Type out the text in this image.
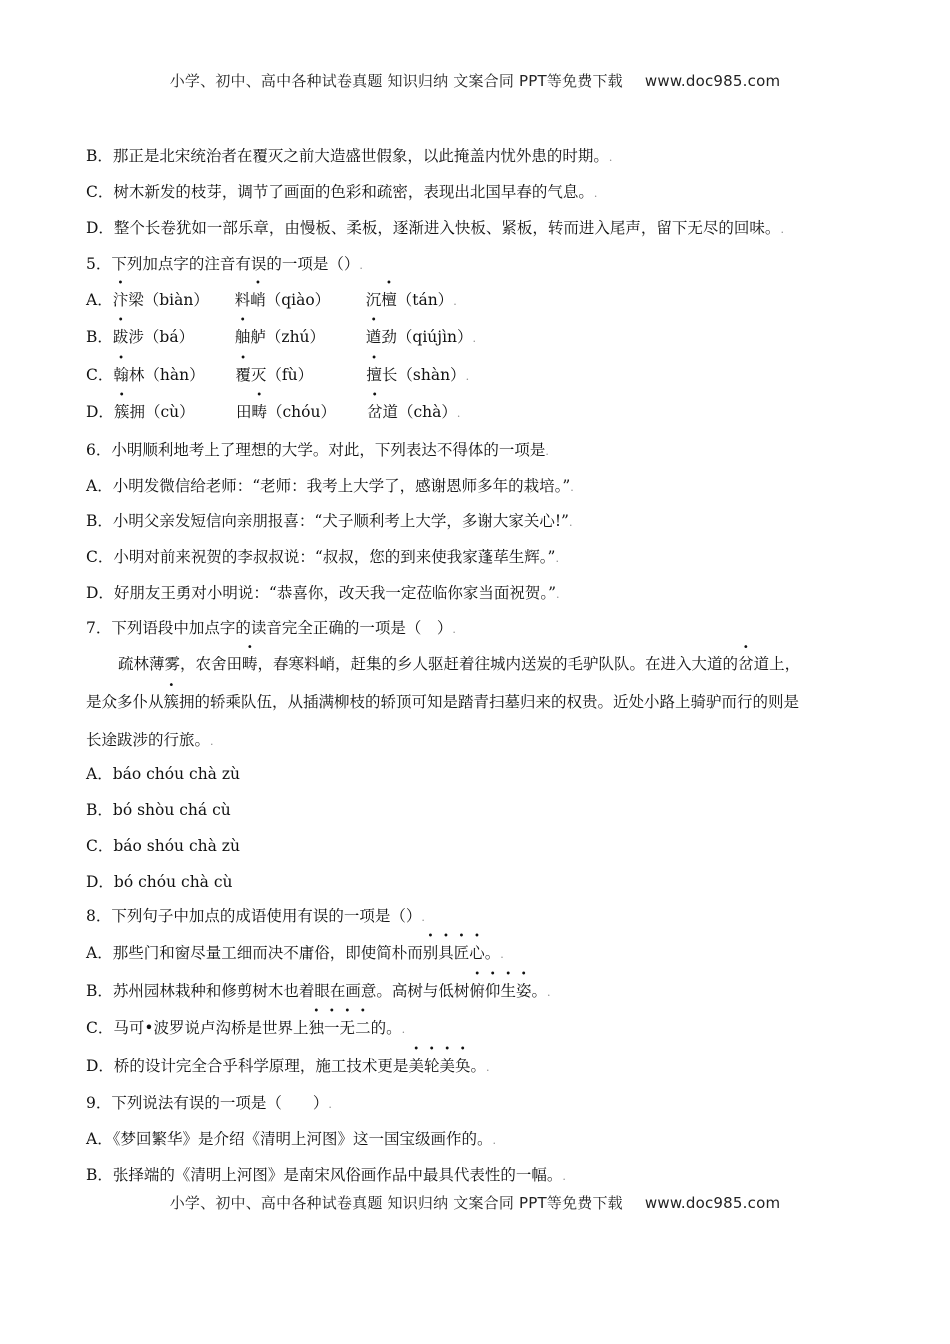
小学、初中、高中各种试卷真题 知识归纳 文案合同 PPT等免费下载 www.doc985.com
B．那正是北宋统治者在覆灭之前大造盛世假象，以此掩盖内忧外患的时期。.
C．树木新发的枝芽，调节了画面的色彩和疏密，表现出北国早春的气息。.
D．整个长卷犹如一部乐章，由慢板、柔板，逐渐进入快板、紧板，转而进入尾声，留下无尽的回味。.
5．下列加点字的注音有误的一项是（）.
A．汴梁（biàn） 料峭（qiào） 沉檀（tán）.
B．跋涉（bá）	舳舻（zhú）	遒劲（qiújìn）.
C．翰林（hàn） 覆灭（fù）	擅长（shàn）.
D．簇拥（cù）	田畴（chóu） 岔道（chà）.
6．小明顺利地考上了理想的大学。对此，下列表达不得体的一项是.
A．小明发微信给老师：“老师：我考上大学了，感谢恩师多年的栽培。”.
B．小明父亲发短信向亲朋报喜：“犬子顺利考上大学，多谢大家关心!”.
C．小明对前来祝贺的李叔叔说：“叔叔，您的到来使我家蓬荜生辉。”.
D．好朋友王勇对小明说：“恭喜你，改天我一定莅临你家当面祝贺。”.
7．下列语段中加点字的读音完全正确的一项是（　）.
疏林薄雾，农舍田畴，春寒料峭，赶集的乡人驱赶着往城内送炭的毛驴队队。在进入大道的岔道上，
是众多仆从簇拥的轿乘队伍，从插满柳枝的轿顶可知是踏青扫墓归来的权贵。近处小路上骑驴而行的则是
长途跋涉的行旅。.
A．báo chóu chà zù
B．bó shòu chá cù
C．báo shóu chà zù
D．bó chóu chà cù
8．下列句子中加点的成语使用有误的一项是（）.
A．那些门和窗尽量工细而决不庸俗，即使简朴而别具匠心。.
B．苏州园林栽种和修剪树木也着眼在画意。高树与低树俯仰生姿。.
C．马可•波罗说卢沟桥是世界上独一无二的。.
D．桥的设计完全合乎科学原理，施工技术更是美轮美奂。.
9．下列说法有误的一项是（　　）.
A．《梦回繁华》是介绍《清明上河图》这一国宝级画作的。.
B．张择端的《清明上河图》是南宋风俗画作品中最具代表性的一幅。.
小学、初中、高中各种试卷真题 知识归纳 文案合同 PPT等免费下载 www.doc985.com
